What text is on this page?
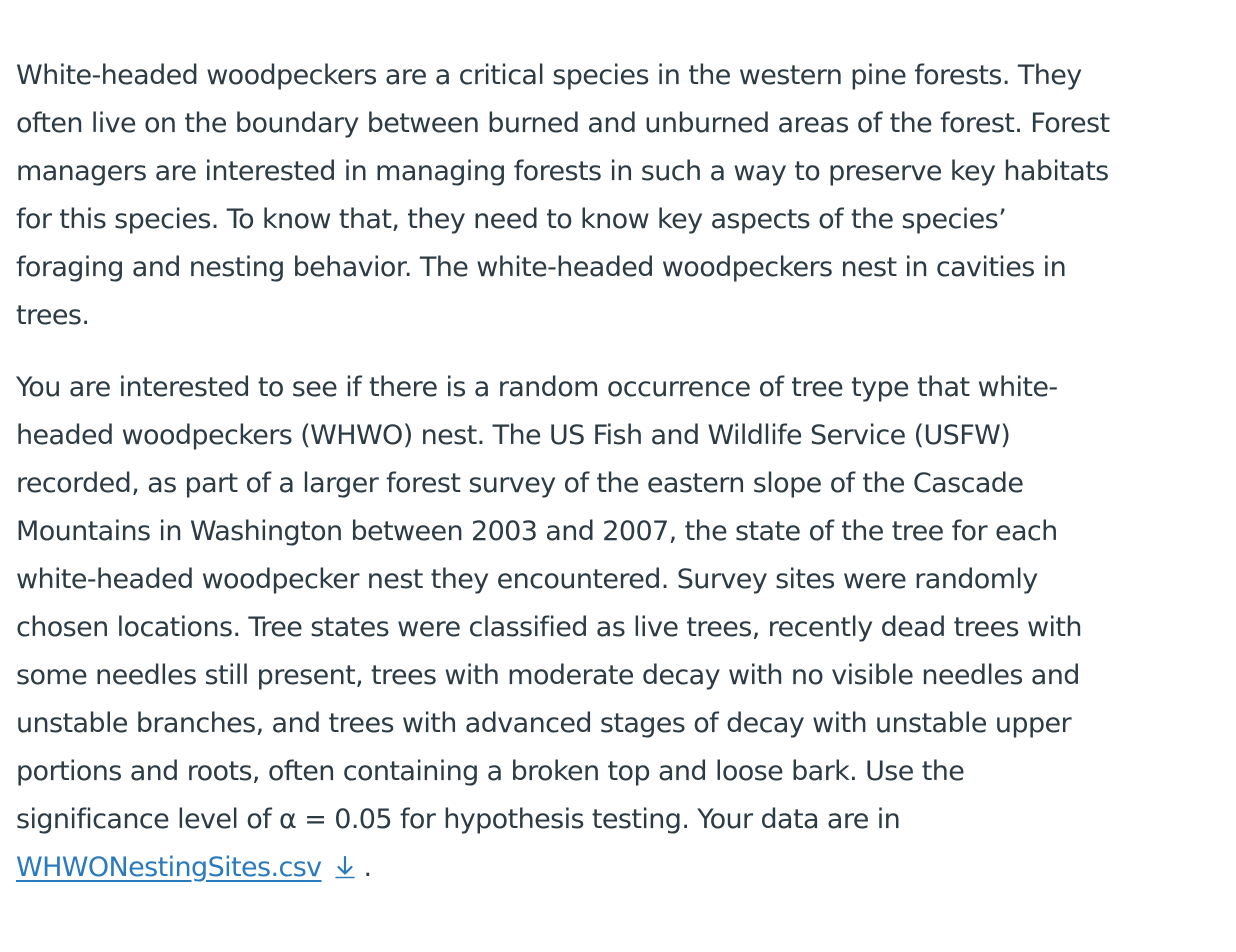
White-headed woodpeckers are a critical species in the western pine forests. They
often live on the boundary between burned and unburned areas of the forest. Forest
managers are interested in managing forests in such a way to preserve key habitats
for this species. To know that, they need to know key aspects of the species’
foraging and nesting behavior. The white-headed woodpeckers nest in cavities in
trees.

You are interested to see if there is a random occurrence of tree type that white-
headed woodpeckers (WHWO) nest. The US Fish and Wildlife Service (USFW)
recorded, as part of a larger forest survey of the eastern slope of the Cascade
Mountains in Washington between 2003 and 2007, the state of the tree for each
white-headed woodpecker nest they encountered. Survey sites were randomly
chosen locations. Tree states were classified as live trees, recently dead trees with
some needles still present, trees with moderate decay with no visible needles and
unstable branches, and trees with advanced stages of decay with unstable upper
portions and roots, often containing a broken top and loose bark. Use the
significance level of α = 0.05 for hypothesis testing. Your data are in
WHWONestingSites.csv .
